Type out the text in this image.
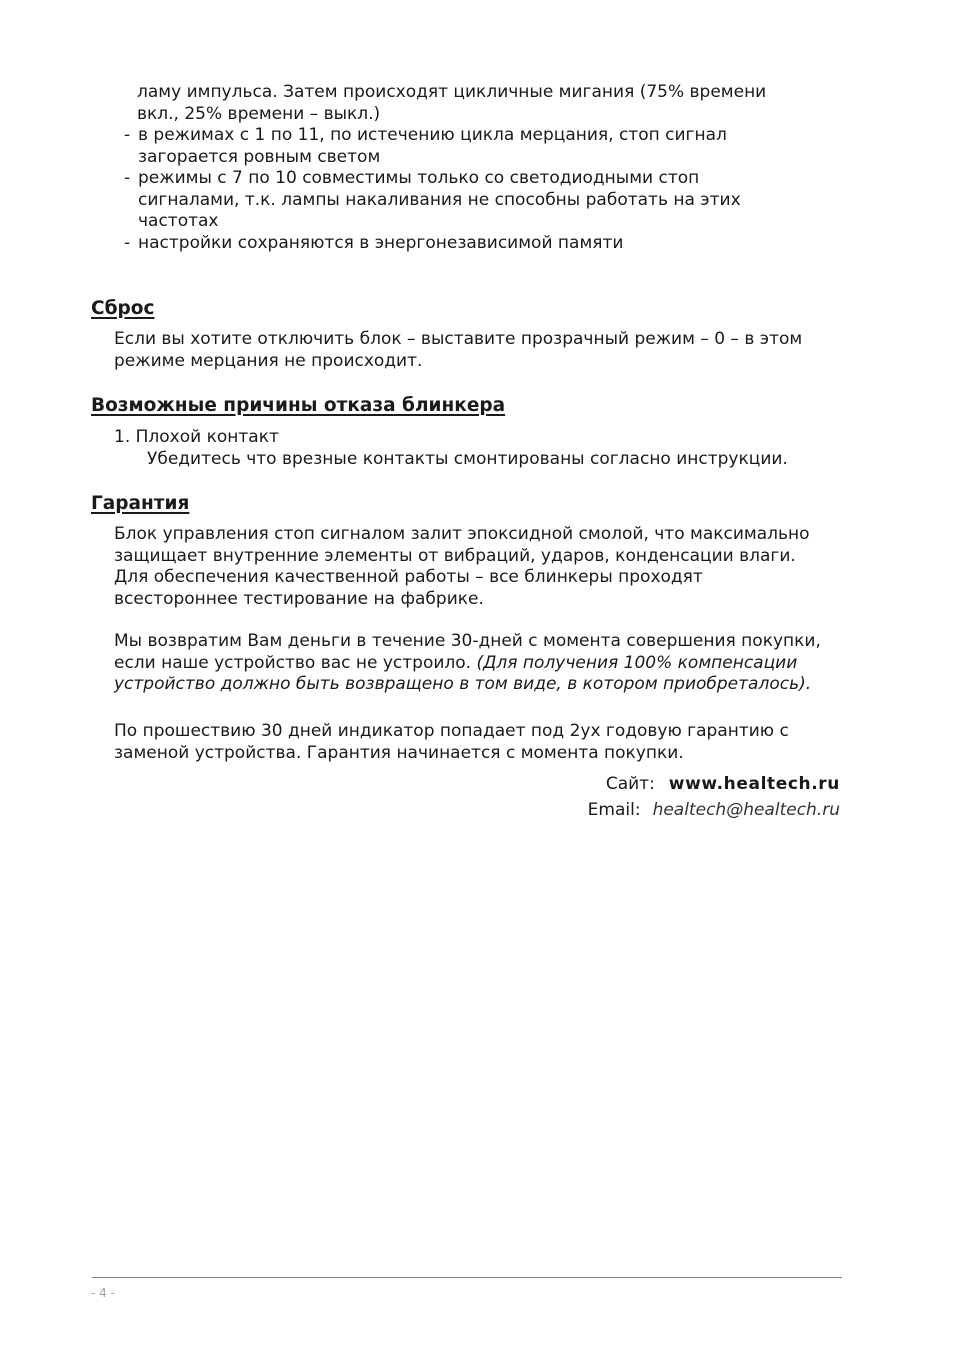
ламу импульса. Затем происходят цикличные мигания (75% времени
вкл., 25% времени – выкл.)
- в режимах с 1 по 11, по истечению цикла мерцания, стоп сигнал
загорается ровным светом
- режимы с 7 по 10 совместимы только со светодиодными стоп
сигналами, т.к. лампы накаливания не способны работать на этих
частотах
- настройки сохраняются в энергонезависимой памяти
Сброс
Если вы хотите отключить блок – выставите прозрачный режим – 0 – в этом
режиме мерцания не происходит.
Возможные причины отказа блинкера
1. Плохой контакт
Убедитесь что врезные контакты смонтированы согласно инструкции.
Гарантия
Блок управления стоп сигналом залит эпоксидной смолой, что максимально
защищает внутренние элементы от вибраций, ударов, конденсации влаги.
Для обеспечения качественной работы – все блинкеры проходят
всестороннее тестирование на фабрике.
Мы возвратим Вам деньги в течение 30-дней с момента совершения покупки,
если наше устройство вас не устроило. (Для получения 100% компенсации
устройство должно быть возвращено в том виде, в котором приобреталось).
По прошествию 30 дней индикатор попадает под 2ух годовую гарантию с
заменой устройства. Гарантия начинается с момента покупки.
Сайт: www.healtech.ru
Email: healtech@healtech.ru
- 4 -
